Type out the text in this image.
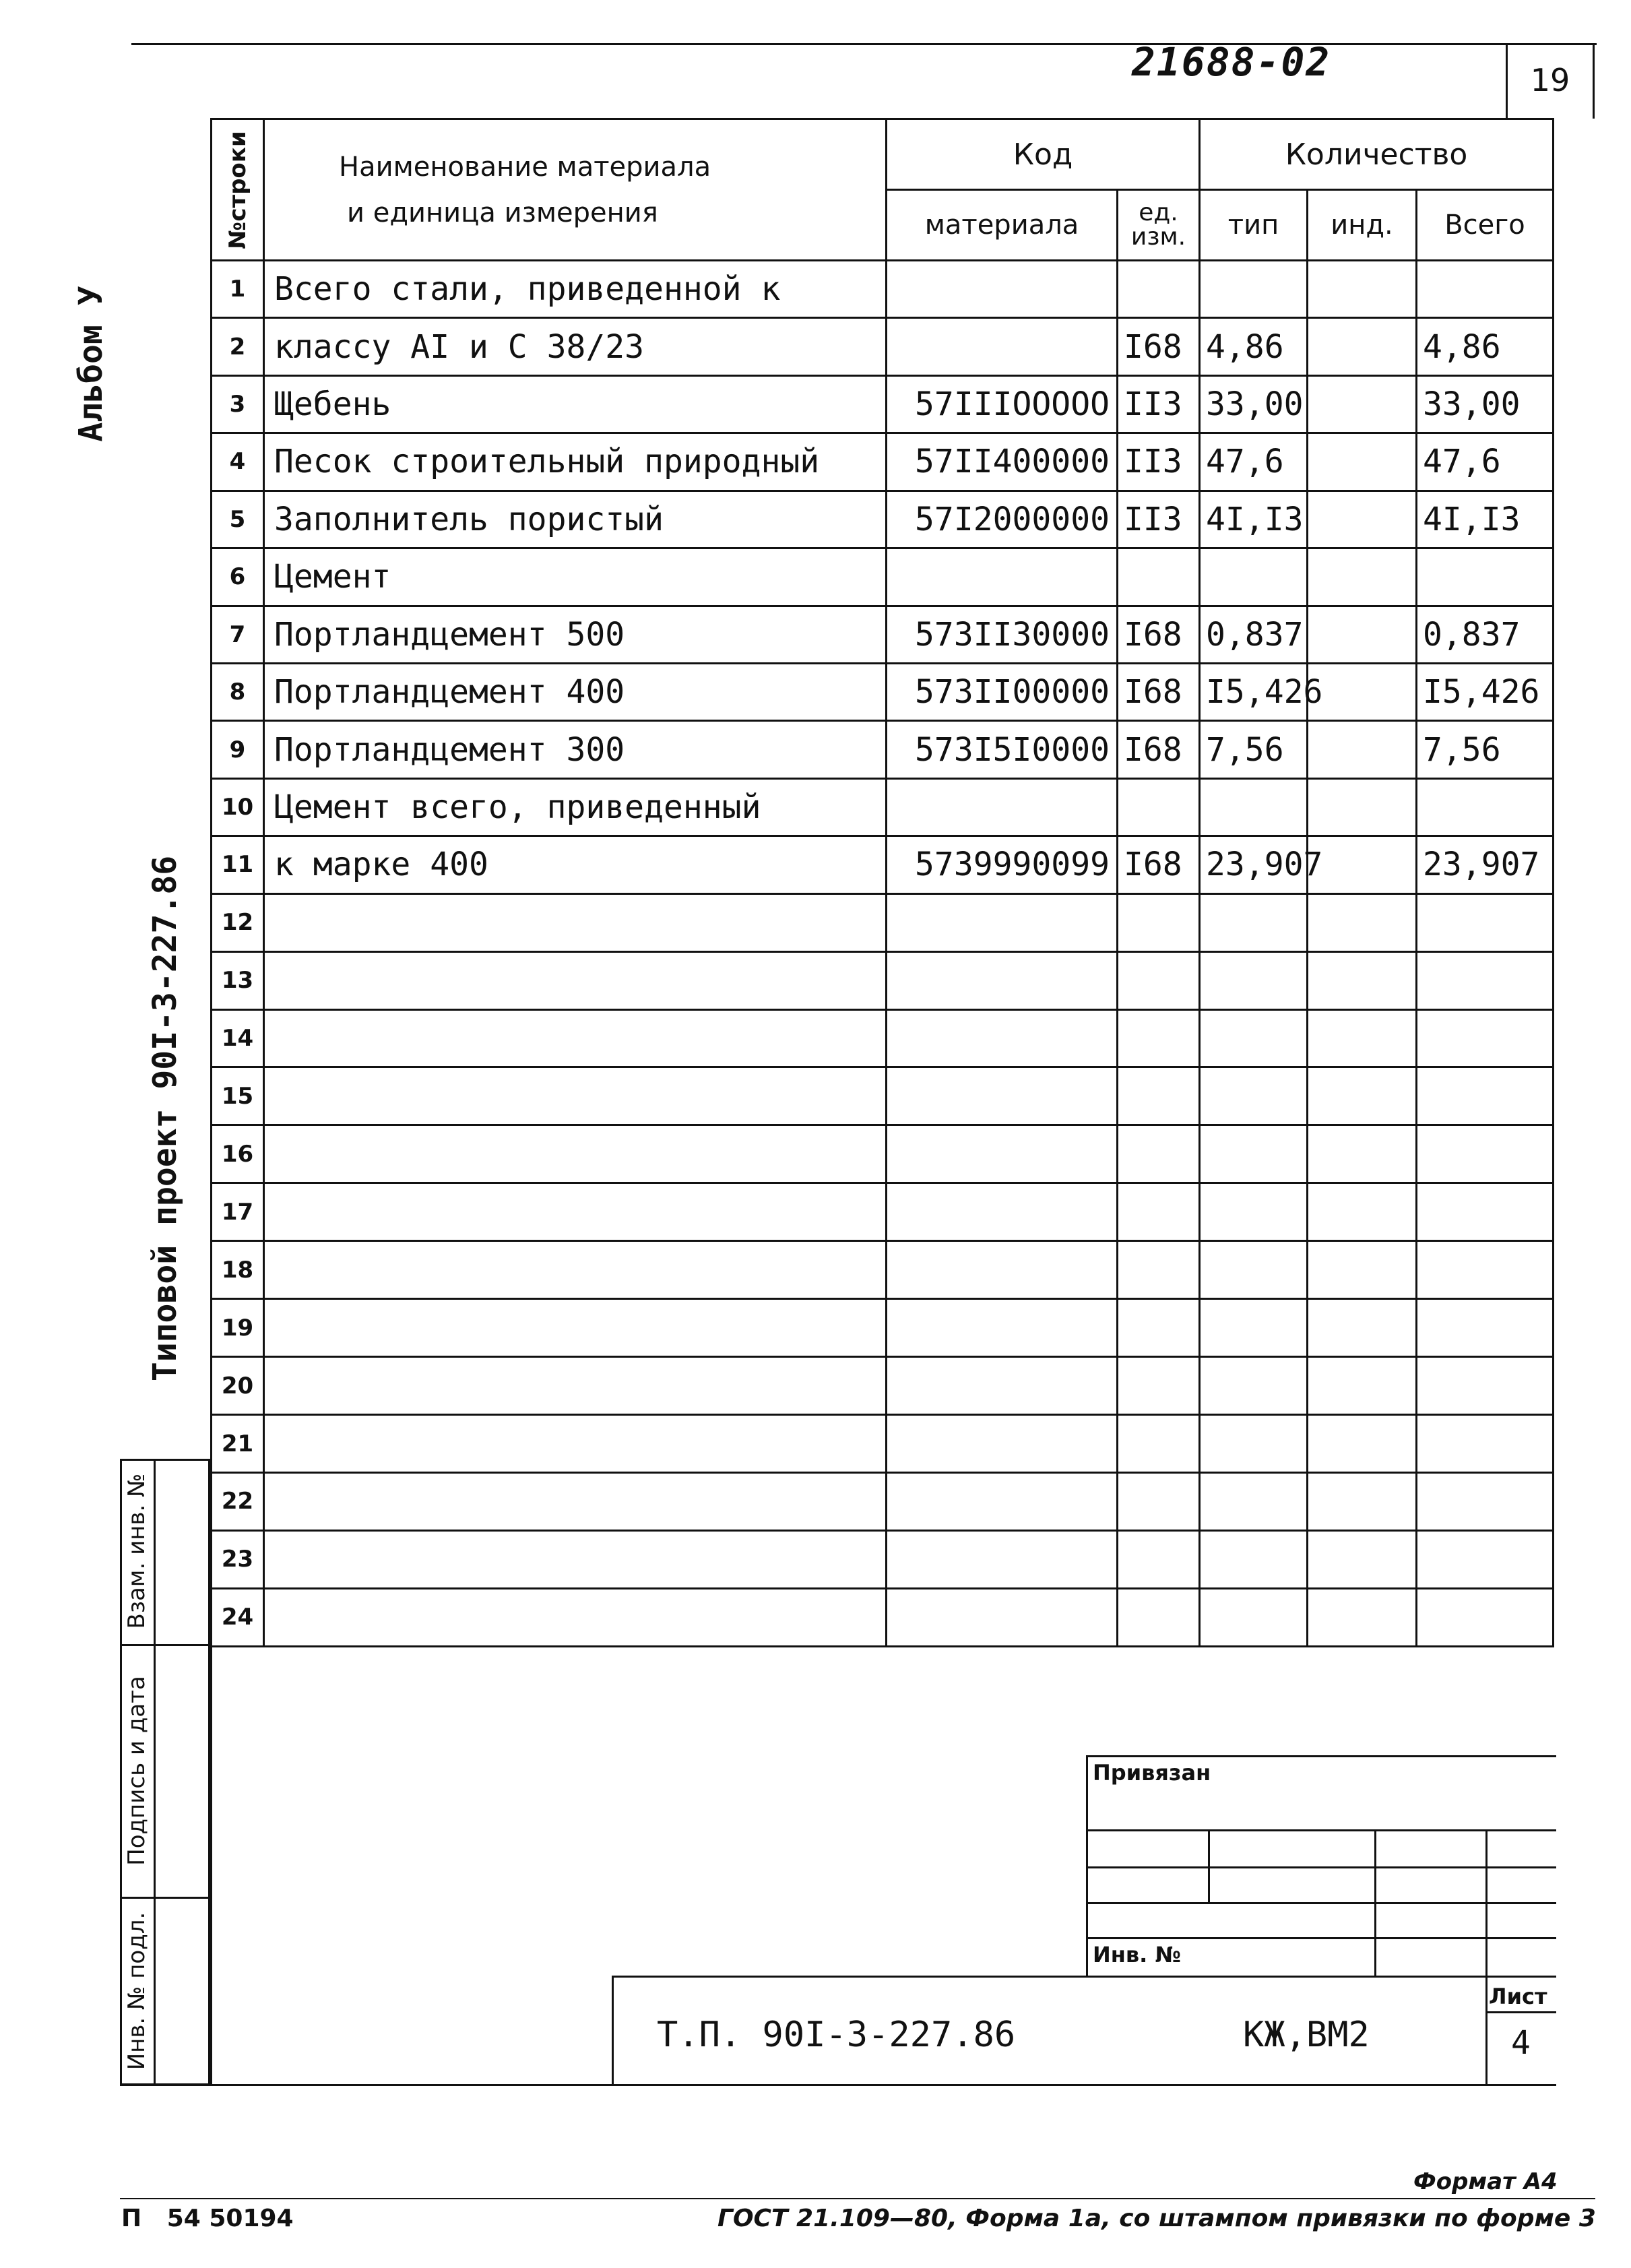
21688-02	19
Альбом У
Типовой проект 90I-3-227.86
Взам. инв. №
Подпись и дата
Инв. № подл.
№строки	Наименование материала
и единица измерения	Код		Количество		
		материала	ед. изм.	тип	инд.	Всего
1	Всего стали, приведенной к					
2	классу АI и С 38/23		I68	4,86		4,86
3	Щебень	57IIIOOOOO	II3	33,00		33,00
4	Песок строительный природный	57II400000	II3	47,6		47,6
5	Заполнитель пористый	57I2000000	II3	4I,I3		4I,I3
6	Цемент					
7	Портландцемент 500	573II30000	I68	0,837		0,837
8	Портландцемент 400	573II00000	I68	I5,426		I5,426
9	Портландцемент 300	573I5I0000	I68	7,56		7,56
10	Цемент всего, приведенный					
11	к марке 400	5739990099	I68	23,907		23,907
12						
13						
14						
15						
16						
17						
18						
19						
20						
21						
22						
23						
24						
Привязан
Инв. №
Т.П. 90I-3-227.86	КЖ,ВМ2
Лист
4
Формат А4
П   54 50194	ГОСТ 21.109—80, Форма 1а, со штампом привязки по форме 3
